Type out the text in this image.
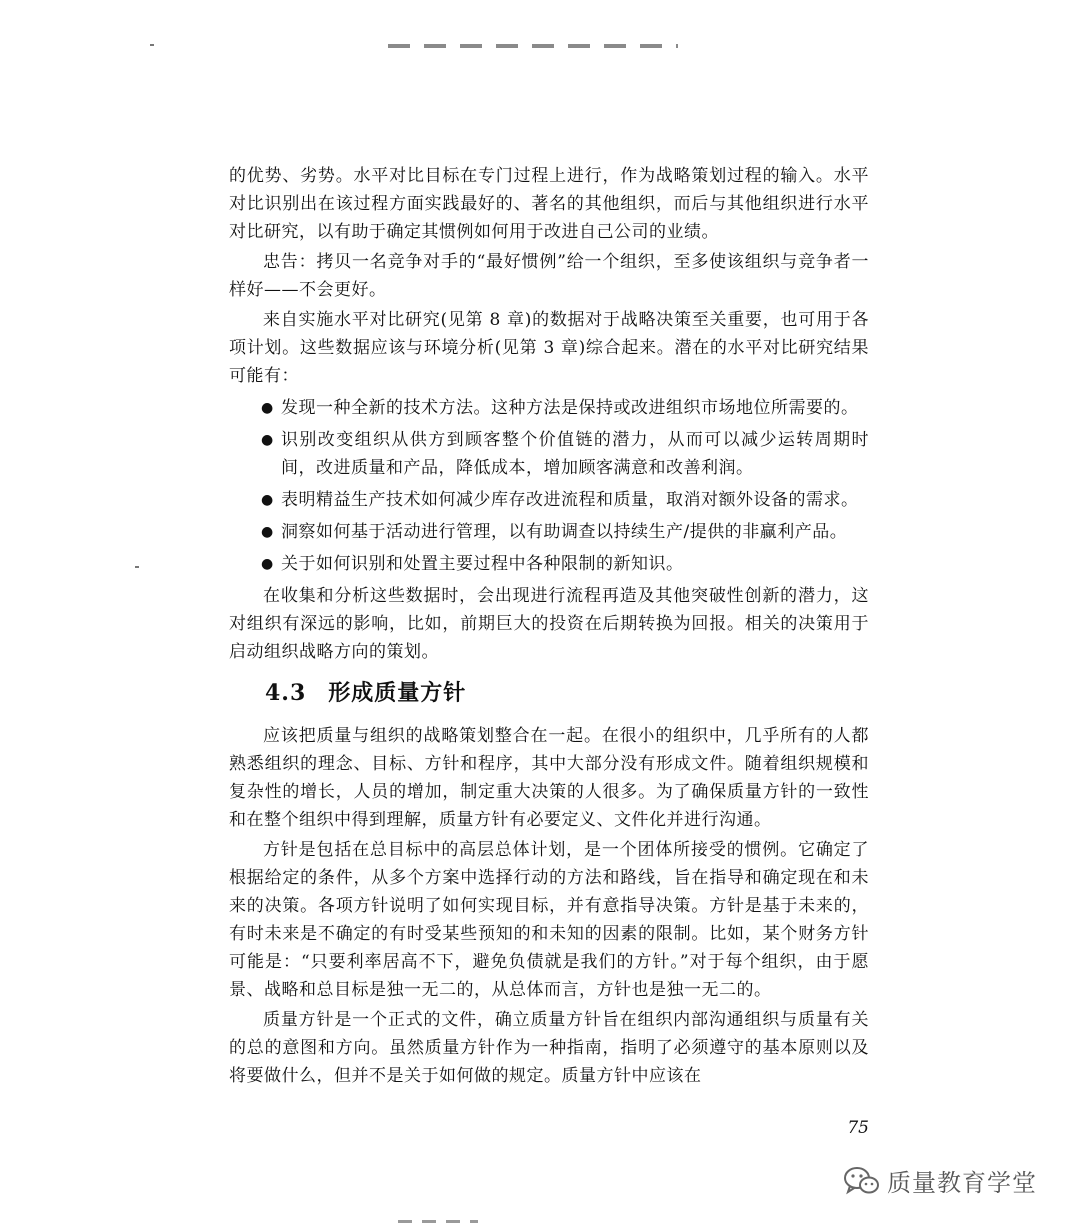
的优势、劣势。水平对比目标在专门过程上进行，作为战略策划过程的输入。水平对比识别出在该过程方面实践最好的、著名的其他组织，而后与其他组织进行水平对比研究，以有助于确定其惯例如何用于改进自己公司的业绩。

忠告：拷贝一名竞争对手的“最好惯例”给一个组织，至多使该组织与竞争者一样好——不会更好。

来自实施水平对比研究(见第 8 章)的数据对于战略决策至关重要，也可用于各项计划。这些数据应该与环境分析(见第 3 章)综合起来。潜在的水平对比研究结果可能有：

● 发现一种全新的技术方法。这种方法是保持或改进组织市场地位所需要的。
● 识别改变组织从供方到顾客整个价值链的潜力，从而可以减少运转周期时间，改进质量和产品，降低成本，增加顾客满意和改善利润。
● 表明精益生产技术如何减少库存改进流程和质量，取消对额外设备的需求。
● 洞察如何基于活动进行管理，以有助调查以持续生产/提供的非赢利产品。
● 关于如何识别和处置主要过程中各种限制的新知识。

在收集和分析这些数据时，会出现进行流程再造及其他突破性创新的潜力，这对组织有深远的影响，比如，前期巨大的投资在后期转换为回报。相关的决策用于启动组织战略方向的策划。

4.3 形成质量方针

应该把质量与组织的战略策划整合在一起。在很小的组织中，几乎所有的人都熟悉组织的理念、目标、方针和程序，其中大部分没有形成文件。随着组织规模和复杂性的增长，人员的增加，制定重大决策的人很多。为了确保质量方针的一致性和在整个组织中得到理解，质量方针有必要定义、文件化并进行沟通。

方针是包括在总目标中的高层总体计划，是一个团体所接受的惯例。它确定了根据给定的条件，从多个方案中选择行动的方法和路线，旨在指导和确定现在和未来的决策。各项方针说明了如何实现目标，并有意指导决策。方针是基于未来的，有时未来是不确定的有时受某些预知的和未知的因素的限制。比如，某个财务方针可能是：“只要利率居高不下，避免负债就是我们的方针。”对于每个组织，由于愿景、战略和总目标是独一无二的，从总体而言，方针也是独一无二的。

质量方针是一个正式的文件，确立质量方针旨在组织内部沟通组织与质量有关的总的意图和方向。虽然质量方针作为一种指南，指明了必须遵守的基本原则以及将要做什么，但并不是关于如何做的规定。质量方针中应该在

75
质量教育学堂
